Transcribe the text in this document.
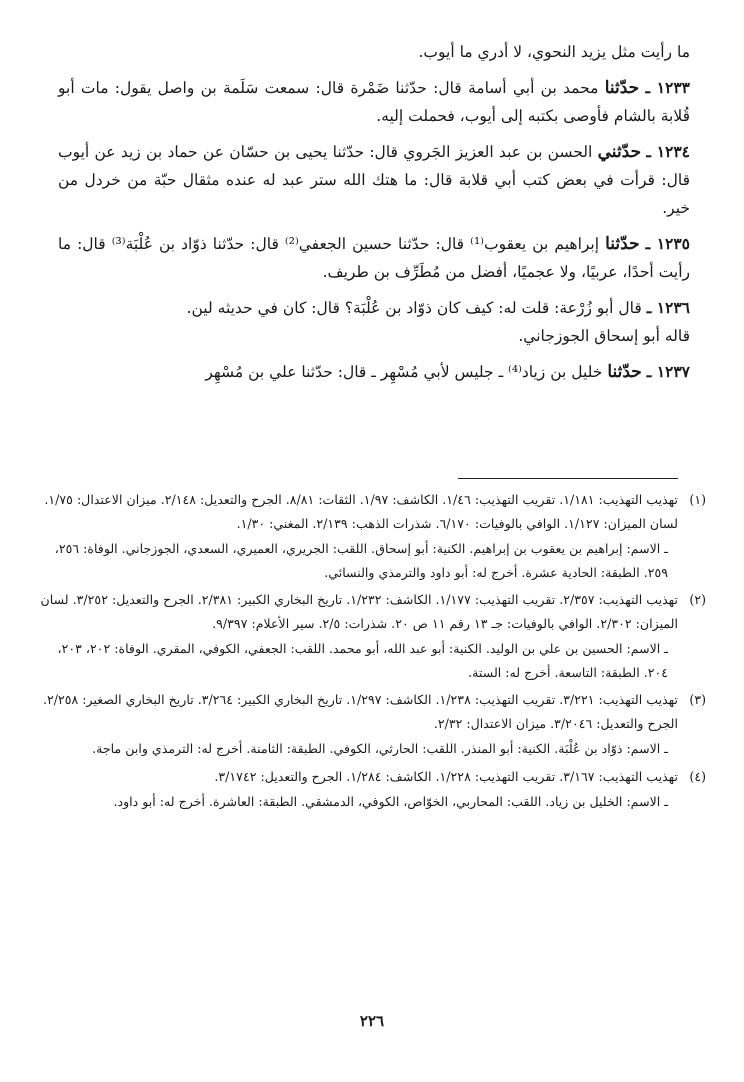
ما رأيت مثل يزيد النحوي، لا أدري ما أيوب.
١٢٣٣ ـ حدّثنا محمد بن أبي أسامة قال: حدّثنا ضَمْرة قال: سمعت سَلَمة بن واصل يقول: مات أبو قُلابة بالشام فأوصى بكتبه إلى أيوب، فحملت إليه.
١٢٣٤ ـ حدّثني الحسن بن عبد العزيز الجَروي قال: حدّثنا يحيى بن حسّان عن حماد بن زيد عن أيوب قال: قرأت في بعض كتب أبي قلابة قال: ما هتك الله ستر عبد له عنده مثقال حبّة من خردل من خير.
١٢٣٥ ـ حدّثنا إبراهيم بن يعقوب⁽¹⁾ قال: حدّثنا حسين الجعفي⁽²⁾ قال: حدّثنا ذوّاد بن عُلْبَة⁽³⁾ قال: ما رأيت أحدًا، عربيًا، ولا عجميًا، أفضل من مُطَرِّف بن طريف.
١٢٣٦ ـ قال أبو زُرْعة: قلت له: كيف كان ذوّاد بن عُلْبَة؟ قال: كان في حديثه لين.
قاله أبو إسحاق الجوزجاني.
١٢٣٧ ـ حدّثنا خليل بن زياد⁽⁴⁾ ـ جليس لأبي مُسْهِر ـ قال: حدّثنا علي بن مُسْهِر
(١)
تهذيب التهذيب: ١/١٨١. تقريب التهذيب: ١/٤٦. الكاشف: ١/٩٧. الثقات: ٨/٨١. الجرح والتعديل: ٢/١٤٨. ميزان الاعتدال: ١/٧٥. لسان الميزان: ١/١٢٧. الوافي بالوفيات: ٦/١٧٠. شذرات الذهب: ٢/١٣٩. المغني: ١/٣٠.
ـ الاسم: إبراهيم بن يعقوب بن إبراهيم. الكنية: أبو إسحاق. اللقب: الجريري، العميري، السعدي، الجوزجاني. الوفاة: ٢٥٦، ٢٥٩. الطبقة: الحادية عشرة. أخرج له: أبو داود والترمذي والنسائي.
(٢)
تهذيب التهذيب: ٢/٣٥٧. تقريب التهذيب: ١/١٧٧. الكاشف: ١/٢٣٢. تاريخ البخاري الكبير: ٢/٣٨١. الجرح والتعديل: ٣/٢٥٢. لسان الميزان: ٢/٣٠٢. الوافي بالوفيات: جـ ١٣ رقم ١١ ص ٢٠. شذرات: ٢/٥. سير الأعلام: ٩/٣٩٧.
ـ الاسم: الحسين بن علي بن الوليد. الكنية: أبو عبد الله، أبو محمد. اللقب: الجعفي، الكوفي، المقري. الوفاة: ٢٠٢، ٢٠٣، ٢٠٤. الطبقة: التاسعة. أخرج له: الستة.
(٣)
تهذيب التهذيب: ٣/٢٢١. تقريب التهذيب: ١/٢٣٨. الكاشف: ١/٢٩٧. تاريخ البخاري الكبير: ٣/٢٦٤. تاريخ البخاري الصغير: ٢/٢٥٨. الجرح والتعديل: ٣/٢٠٤٦. ميزان الاعتدال: ٢/٣٢.
ـ الاسم: ذوّاد بن عُلْبَة. الكنية: أبو المنذر. اللقب: الحارثي، الكوفي. الطبقة: الثامنة. أخرج له: الترمذي وابن ماجة.
(٤)
تهذيب التهذيب: ٣/١٦٧. تقريب التهذيب: ١/٢٢٨. الكاشف: ١/٢٨٤. الجرح والتعديل: ٣/١٧٤٢.
ـ الاسم: الخليل بن زياد. اللقب: المحاربي، الخوّاص، الكوفي، الدمشقي. الطبقة: العاشرة. أخرج له: أبو داود.
٢٢٦
